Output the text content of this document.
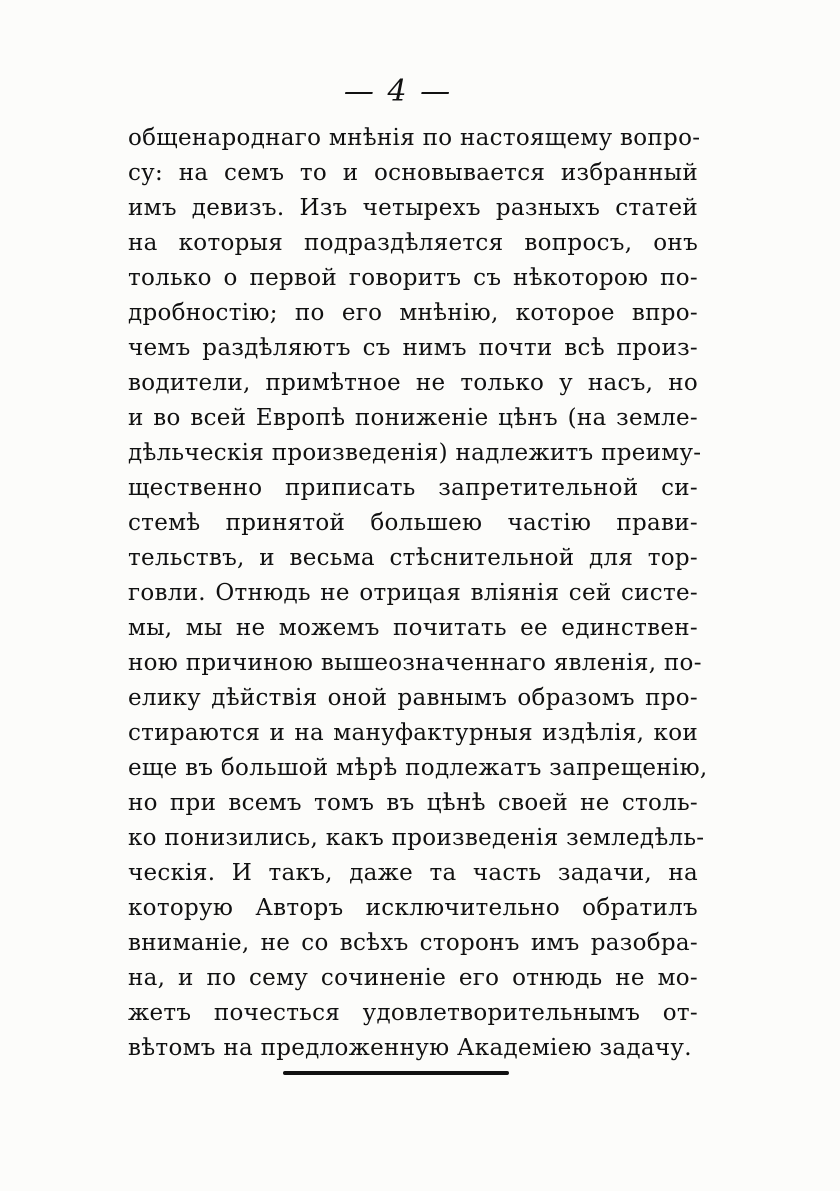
— 4 —
общенароднаго мнѣнія по настоящему вопро-
су: на семъ то и основывается избранный
имъ девизъ. Изъ четырехъ разныхъ статей
на которыя подраздѣляется вопросъ, онъ
только о первой говоритъ съ нѣкоторою по-
дробностію; по его мнѣнію, которое впро-
чемъ раздѣляютъ съ нимъ почти всѣ произ-
водители, примѣтное не только у насъ, но
и во всей Европѣ пониженіе цѣнъ (на земле-
дѣльческія произведенія) надлежитъ преиму-
щественно приписать запретительной си-
стемѣ принятой большею частію прави-
тельствъ, и весьма стѣснительной для тор-
говли. Отнюдь не отрицая вліянія сей систе-
мы, мы не можемъ почитать ее единствен-
ною причиною вышеозначеннаго явленія, по-
елику дѣйствія оной равнымъ образомъ про-
стираются и на мануфактурныя издѣлія, кои
еще въ большой мѣрѣ подлежатъ запрещенію,
но при всемъ томъ въ цѣнѣ своей не столь-
ко понизились, какъ произведенія земледѣль-
ческія. И такъ, даже та часть задачи, на
которую Авторъ исключительно обратилъ
вниманіе, не со всѣхъ сторонъ имъ разобра-
на, и по сему сочиненіе его отнюдь не мо-
жетъ почесться удовлетворительнымъ от-
вѣтомъ на предложенную Академіею задачу.
